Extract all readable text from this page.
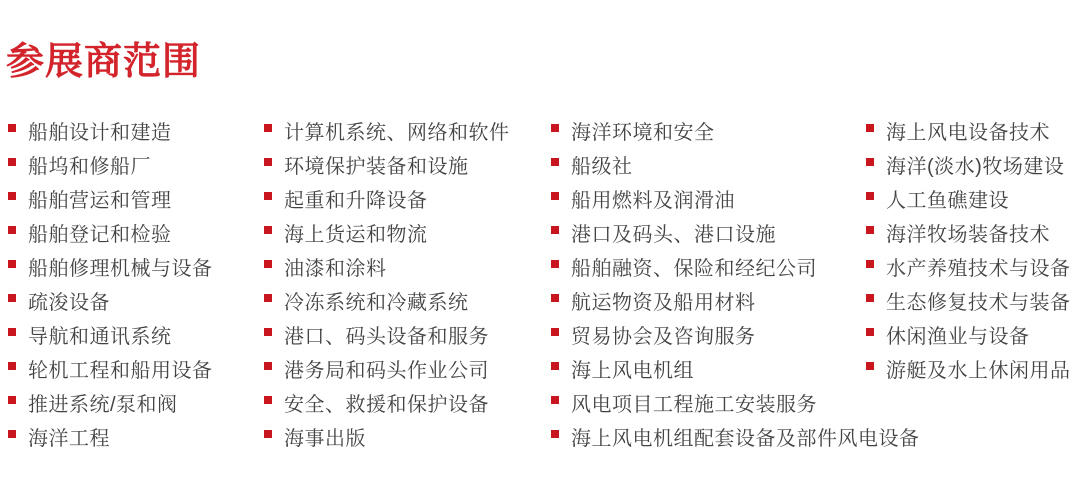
参展商范围
船舶设计和建造
船坞和修船厂
船舶营运和管理
船舶登记和检验
船舶修理机械与设备
疏浚设备
导航和通讯系统
轮机工程和船用设备
推进系统/泵和阀
海洋工程
计算机系统、网络和软件
环境保护装备和设施
起重和升降设备
海上货运和物流
油漆和涂料
冷冻系统和冷藏系统
港口、码头设备和服务
港务局和码头作业公司
安全、救援和保护设备
海事出版
海洋环境和安全
船级社
船用燃料及润滑油
港口及码头、港口设施
船舶融资、保险和经纪公司
航运物资及船用材料
贸易协会及咨询服务
海上风电机组
风电项目工程施工安装服务
海上风电机组配套设备及部件风电设备
海上风电设备技术
海洋(淡水)牧场建设
人工鱼礁建设
海洋牧场装备技术
水产养殖技术与设备
生态修复技术与装备
休闲渔业与设备
游艇及水上休闲用品
